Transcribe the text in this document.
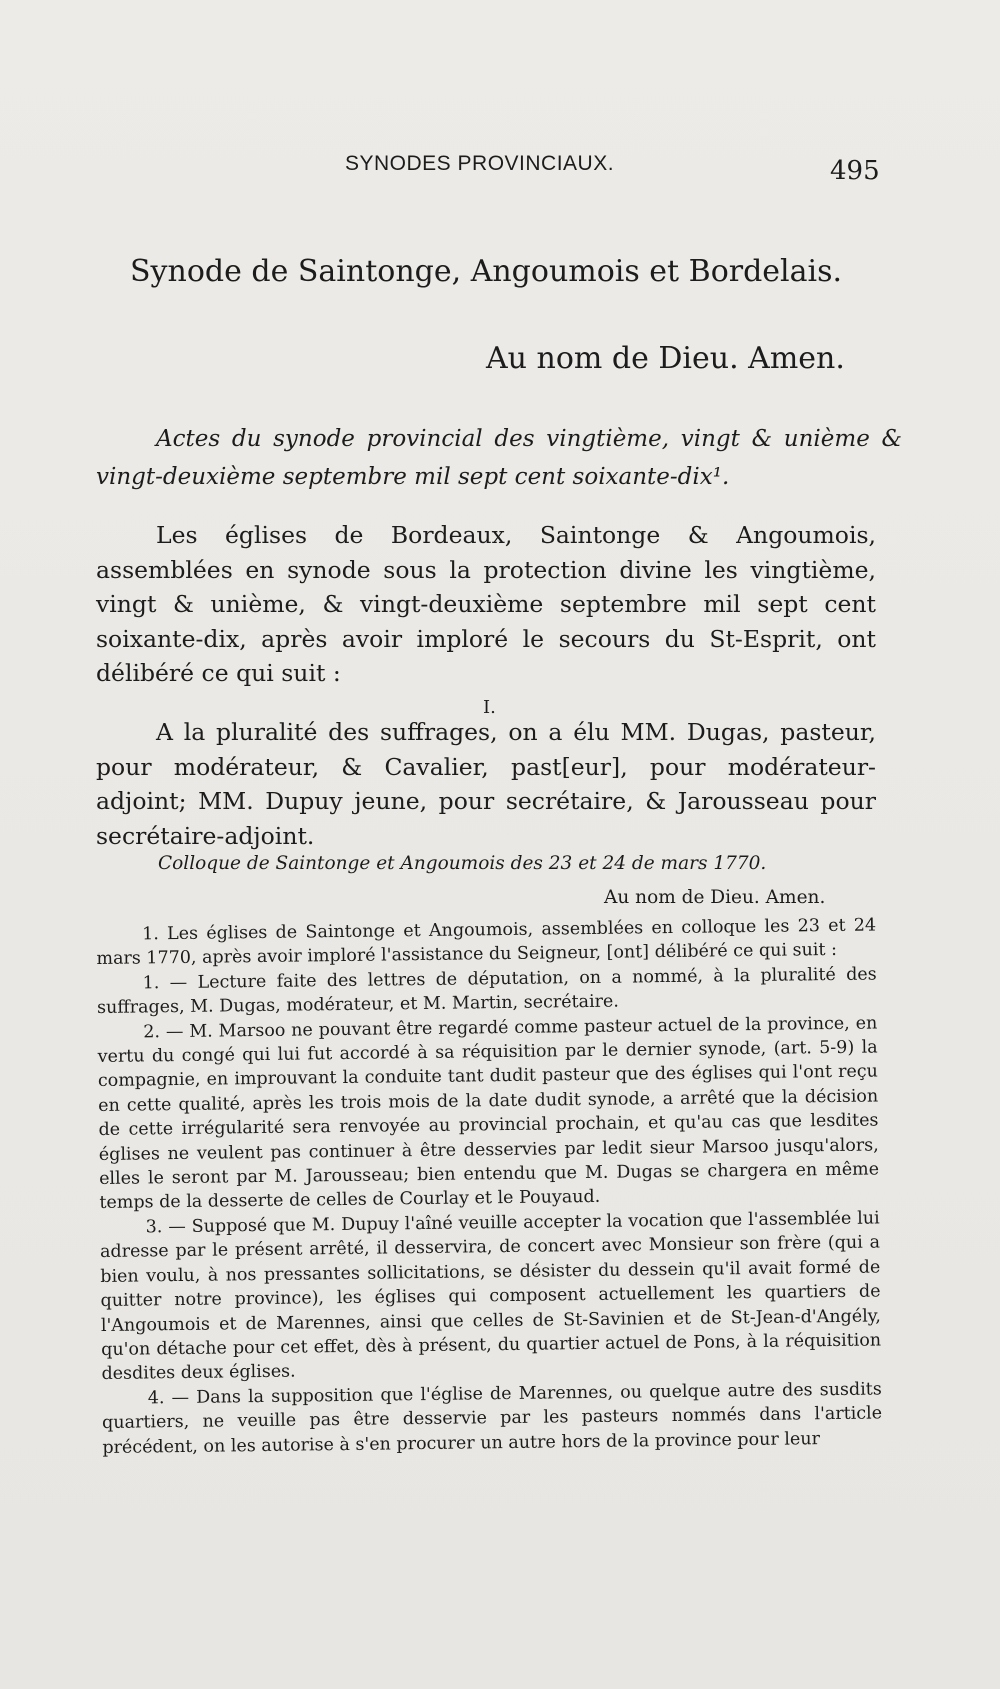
SYNODES PROVINCIAUX.	495
Synode de Saintonge, Angoumois et Bordelais.
Au nom de Dieu. Amen.
Actes du synode provincial des vingtième, vingt & unième & vingt-deuxième septembre mil sept cent soixante-dix¹.
Les églises de Bordeaux, Saintonge & Angoumois, assemblées en synode sous la protection divine les vingtième, vingt & unième, & vingt-deuxième septembre mil sept cent soixante-dix, après avoir imploré le secours du St-Esprit, ont délibéré ce qui suit :
I.
A la pluralité des suffrages, on a élu MM. Dugas, pasteur, pour modérateur, & Cavalier, past[eur], pour modérateur-adjoint; MM. Dupuy jeune, pour secrétaire, & Jarousseau pour secrétaire-adjoint.
Colloque de Saintonge et Angoumois des 23 et 24 de mars 1770.
Au nom de Dieu. Amen.

1. Les églises de Saintonge et Angoumois, assemblées en colloque les 23 et 24 mars 1770, après avoir imploré l'assistance du Seigneur, [ont] délibéré ce qui suit :

1. — Lecture faite des lettres de députation, on a nommé, à la pluralité des suffrages, M. Dugas, modérateur, et M. Martin, secrétaire.

2. — M. Marsoo ne pouvant être regardé comme pasteur actuel de la province, en vertu du congé qui lui fut accordé à sa réquisition par le dernier synode, (art. 5-9) la compagnie, en improuvant la conduite tant dudit pasteur que des églises qui l'ont reçu en cette qualité, après les trois mois de la date dudit synode, a arrêté que la décision de cette irrégularité sera renvoyée au provincial prochain, et qu'au cas que lesdites églises ne veulent pas continuer à être desservies par ledit sieur Marsoo jusqu'alors, elles le seront par M. Jarousseau; bien entendu que M. Dugas se chargera en même temps de la desserte de celles de Courlay et le Pouyaud.

3. — Supposé que M. Dupuy l'aîné veuille accepter la vocation que l'assemblée lui adresse par le présent arrêté, il desservira, de concert avec Monsieur son frère (qui a bien voulu, à nos pressantes sollicitations, se désister du dessein qu'il avait formé de quitter notre province), les églises qui composent actuellement les quartiers de l'Angoumois et de Marennes, ainsi que celles de St-Savinien et de St-Jean-d'Angély, qu'on détache pour cet effet, dès à présent, du quartier actuel de Pons, à la réquisition desdites deux églises.

4. — Dans la supposition que l'église de Marennes, ou quelque autre des susdits quartiers, ne veuille pas être desservie par les pasteurs nommés dans l'article précédent, on les autorise à s'en procurer un autre hors de la province pour leur
